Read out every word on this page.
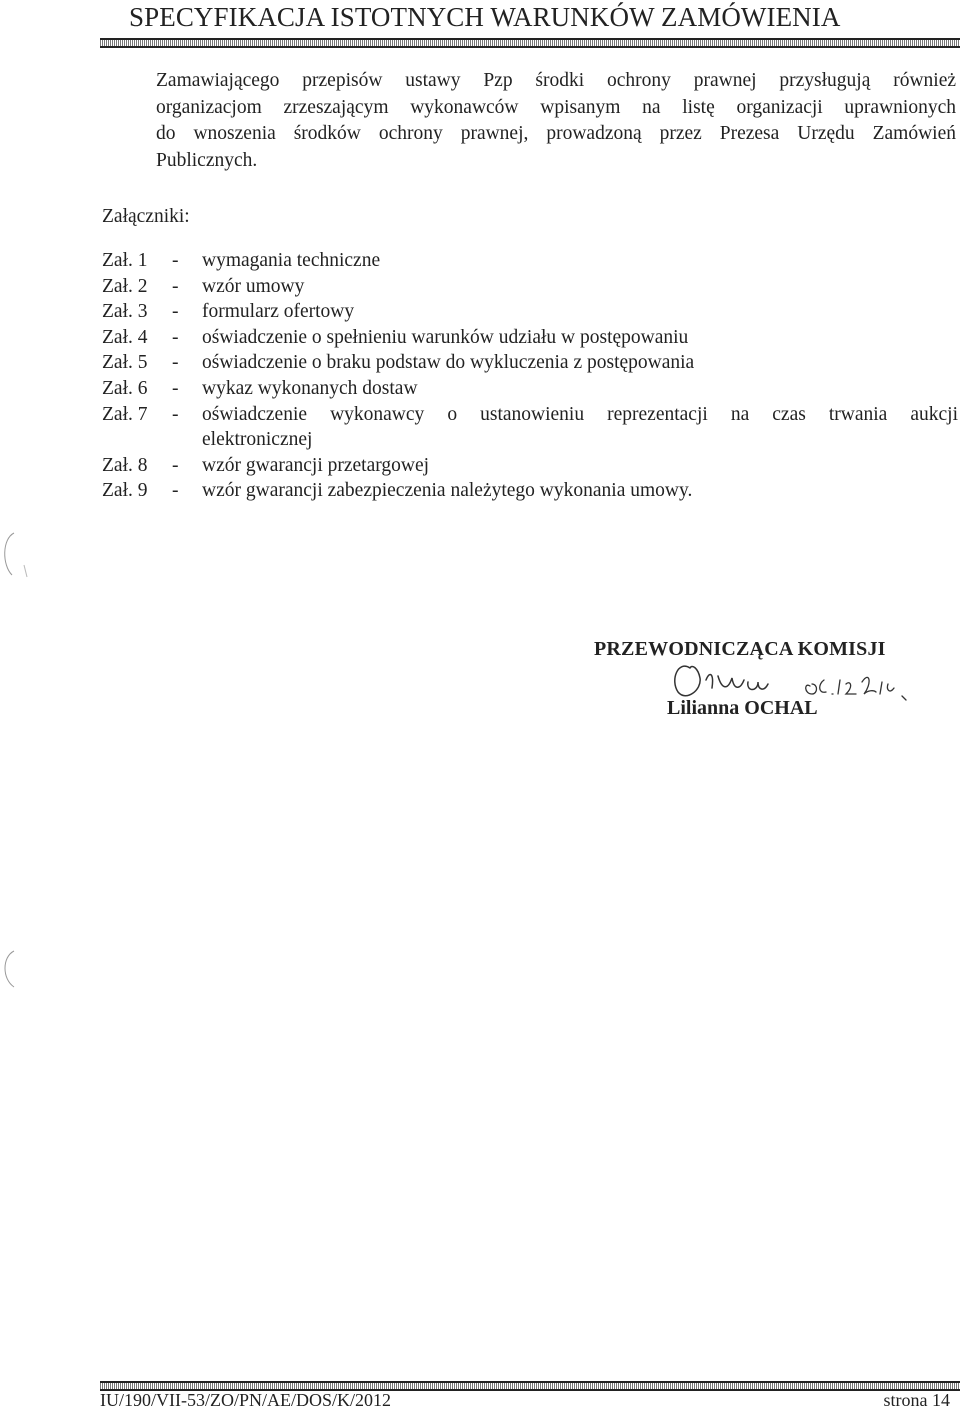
SPECYFIKACJA ISTOTNYCH WARUNKÓW ZAMÓWIENIA
Zamawiającego przepisów ustawy Pzp środki ochrony prawnej przysługują również
organizacjom zrzeszającym wykonawców wpisanym na listę organizacji uprawnionych
do wnoszenia środków ochrony prawnej, prowadzoną przez Prezesa Urzędu Zamówień
Publicznych.
Załączniki:
Zał. 1	-	wymagania techniczne
Zał. 2	-	wzór umowy
Zał. 3	-	formularz ofertowy
Zał. 4	-	oświadczenie o spełnieniu warunków udziału w postępowaniu
Zał. 5	-	oświadczenie o braku podstaw do wykluczenia z postępowania
Zał. 6	-	wykaz wykonanych dostaw
Zał. 7	-	oświadczenie wykonawcy o ustanowieniu reprezentacji na czas trwania aukcji
elektronicznej
Zał. 8	-	wzór gwarancji przetargowej
Zał. 9	-	wzór gwarancji zabezpieczenia należytego wykonania umowy.
PRZEWODNICZĄCA KOMISJI
Lilianna OCHAL
IU/190/VII-53/ZO/PN/AE/DOS/K/2012	strona 14
